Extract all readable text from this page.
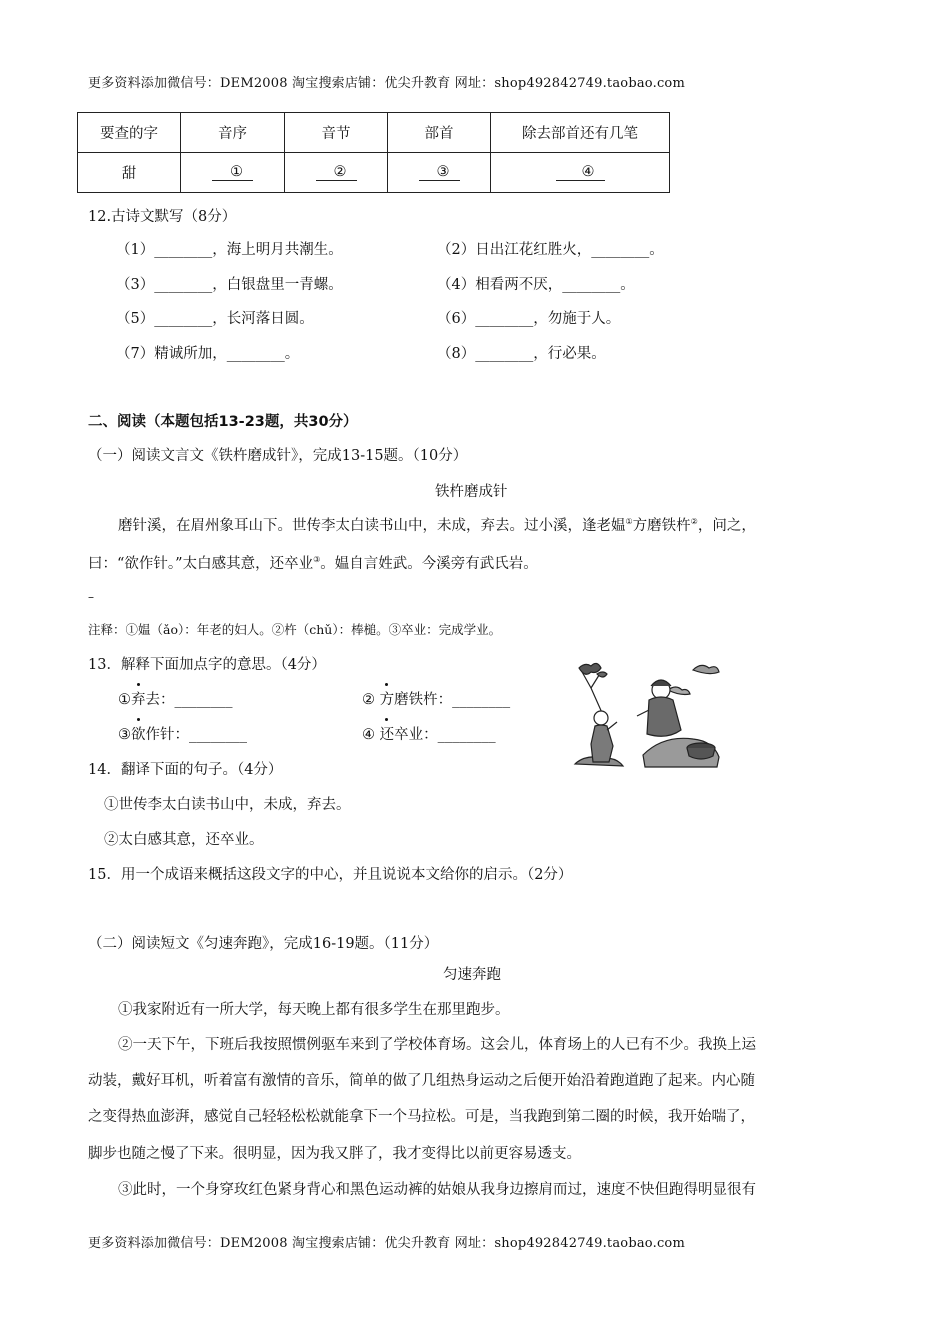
更多资料添加微信号：DEM2008 淘宝搜索店铺：优尖升教育 网址：shop492842749.taobao.com
要查的字	音序	音节	部首	除去部首还有几笔
甜	①	②	③	④
12.古诗文默写（8分）
（1）________，海上明月共潮生。	（2）日出江花红胜火，________。
（3）________，白银盘里一青螺。	（4）相看两不厌，________。
（5）________，长河落日圆。	（6）________，勿施于人。
（7）精诚所加，________。	（8）________，行必果。
二、阅读（本题包括13-23题，共30分）
（一）阅读文言文《铁杵磨成针》，完成13-15题。（10分）
铁杵磨成针
磨针溪，在眉州象耳山下。世传李太白读书山中，未成，弃去。过小溪，逢老媪①方磨铁杵②，问之，
曰：“欲作针。”太白感其意，还卒业③。媪自言姓武。今溪旁有武氏岩。
–
注释：①媪（ǎo）：年老的妇人。②杵（chǔ）：棒槌。③卒业：完成学业。
13．解释下面加点字的意思。（4分）
①弃去：________	② 方磨铁杵：________
③欲作针：________	④ 还卒业：________
14．翻译下面的句子。（4分）
①世传李太白读书山中，未成，弃去。
②太白感其意，还卒业。
15．用一个成语来概括这段文字的中心，并且说说本文给你的启示。（2分）
（二）阅读短文《匀速奔跑》，完成16-19题。（11分）
匀速奔跑
①我家附近有一所大学，每天晚上都有很多学生在那里跑步。
②一天下午，下班后我按照惯例驱车来到了学校体育场。这会儿，体育场上的人已有不少。我换上运
动装，戴好耳机，听着富有激情的音乐，简单的做了几组热身运动之后便开始沿着跑道跑了起来。内心随
之变得热血澎湃，感觉自己轻轻松松就能拿下一个马拉松。可是，当我跑到第二圈的时候，我开始喘了，
脚步也随之慢了下来。很明显，因为我又胖了，我才变得比以前更容易透支。
③此时，一个身穿玫红色紧身背心和黑色运动裤的姑娘从我身边擦肩而过，速度不快但跑得明显很有
更多资料添加微信号：DEM2008 淘宝搜索店铺：优尖升教育 网址：shop492842749.taobao.com
